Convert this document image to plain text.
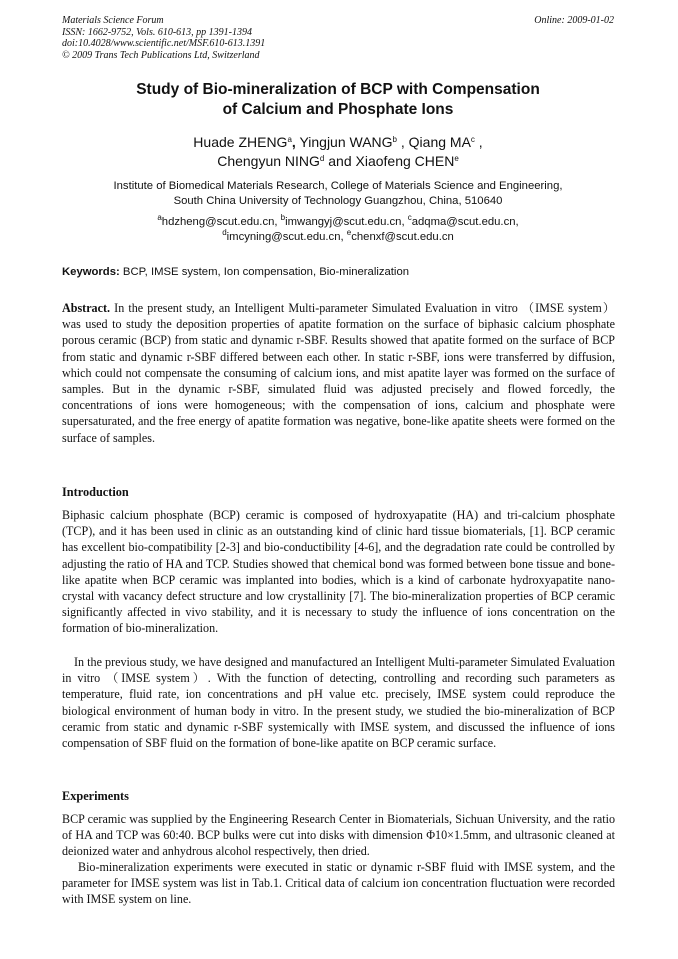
Materials Science Forum
ISSN: 1662-9752, Vols. 610-613, pp 1391-1394
doi:10.4028/www.scientific.net/MSF.610-613.1391
© 2009 Trans Tech Publications Ltd, Switzerland
Online: 2009-01-02
Study of Bio-mineralization of BCP with Compensation
of Calcium and Phosphate Ions
Huade ZHENG$^a$, Yingjun WANG$^b$ , Qiang $MA^c$ ,
Chengyun NING$^d$ and Xiaofeng CHEN$^e$
Institute of Biomedical Materials Research, College of Materials Science and Engineering,
South China University of Technology Guangzhou, China, 510640
$^a$hdzheng@scut.edu.cn, $^b$imwangyj@scut.edu.cn, $^c$adqma@scut.edu.cn,
$^d$imcyning@scut.edu.cn, $^e$chenxf@scut.edu.cn
Keywords: BCP, IMSE system, Ion compensation, Bio-mineralization
Abstract. In the present study, an Intelligent Multi-parameter Simulated Evaluation in vitro （IMSE system） was used to study the deposition properties of apatite formation on the surface of biphasic calcium phosphate porous ceramic (BCP) from static and dynamic r-SBF. Results showed that apatite formed on the surface of BCP from static and dynamic r-SBF differed between each other. In static r-SBF, ions were transferred by diffusion, which could not compensate the consuming of calcium ions, and mist apatite layer was formed on the surface of samples. But in the dynamic r-SBF, simulated fluid was adjusted precisely and flowed forcedly, the concentrations of ions were homogeneous; with the compensation of ions, calcium and phosphate were supersaturated, and the free energy of apatite formation was negative, bone-like apatite sheets were formed on the surface of samples.
Introduction
Biphasic calcium phosphate (BCP) ceramic is composed of hydroxyapatite (HA) and tri-calcium phosphate (TCP), and it has been used in clinic as an outstanding kind of clinic hard tissue biomaterials, [1]. BCP ceramic has excellent bio-compatibility [2-3] and bio-conductibility [4-6], and the degradation rate could be controlled by adjusting the ratio of HA and TCP. Studies showed that chemical bond was formed between bone tissue and bone-like apatite when BCP ceramic was implanted into bodies, which is a kind of carbonate hydroxyapatite nano-crystal with vacancy defect structure and low crystallinity [7]. The bio-mineralization properties of BCP ceramic significantly affected in vivo stability, and it is necessary to study the influence of ions concentration on the formation of bio-mineralization.
In the previous study, we have designed and manufactured an Intelligent Multi-parameter Simulated Evaluation in vitro （IMSE system）. With the function of detecting, controlling and recording such parameters as temperature, fluid rate, ion concentrations and pH value etc. precisely, IMSE system could reproduce the biological environment of human body in vitro. In the present study, we studied the bio-mineralization of BCP ceramic from static and dynamic r-SBF systemically with IMSE system, and discussed the influence of ions compensation of SBF fluid on the formation of bone-like apatite on BCP ceramic surface.
Experiments
BCP ceramic was supplied by the Engineering Research Center in Biomaterials, Sichuan University, and the ratio of HA and TCP was 60:40. BCP bulks were cut into disks with dimension Φ10×1.5mm, and ultrasonic cleaned at deionized water and anhydrous alcohol respectively, then dried.
Bio-mineralization experiments were executed in static or dynamic r-SBF fluid with IMSE system, and the parameter for IMSE system was list in Tab.1. Critical data of calcium ion concentration fluctuation were recorded with IMSE system on line.
